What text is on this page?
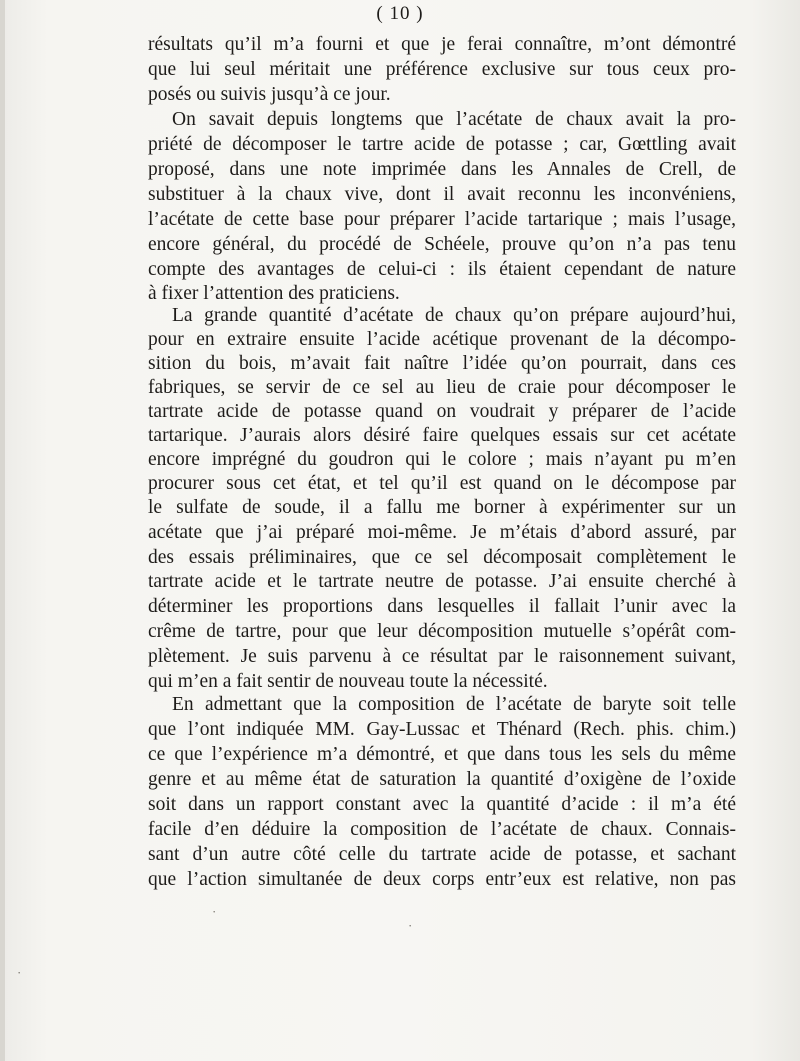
( 10 )
résultats qu’il m’a fourni et que je ferai connaître, m’ont démontré
que lui seul méritait une préférence exclusive sur tous ceux pro-
posés ou suivis jusqu’à ce jour.
On savait depuis longtems que l’acétate de chaux avait la pro-
priété de décomposer le tartre acide de potasse ; car, Gœttling avait
proposé, dans une note imprimée dans les Annales de Crell, de
substituer à la chaux vive, dont il avait reconnu les inconvéniens,
l’acétate de cette base pour préparer l’acide tartarique ; mais l’usage,
encore général, du procédé de Schéele, prouve qu’on n’a pas tenu
compte des avantages de celui-ci : ils étaient cependant de nature
à fixer l’attention des praticiens.
La grande quantité d’acétate de chaux qu’on prépare aujourd’hui,
pour en extraire ensuite l’acide acétique provenant de la décompo-
sition du bois, m’avait fait naître l’idée qu’on pourrait, dans ces
fabriques, se servir de ce sel au lieu de craie pour décomposer le
tartrate acide de potasse quand on voudrait y préparer de l’acide
tartarique. J’aurais alors désiré faire quelques essais sur cet acétate
encore imprégné du goudron qui le colore ; mais n’ayant pu m’en
procurer sous cet état, et tel qu’il est quand on le décompose par
le sulfate de soude, il a fallu me borner à expérimenter sur un
acétate que j’ai préparé moi-même. Je m’étais d’abord assuré, par
des essais préliminaires, que ce sel décomposait complètement le
tartrate acide et le tartrate neutre de potasse. J’ai ensuite cherché à
déterminer les proportions dans lesquelles il fallait l’unir avec la
crême de tartre, pour que leur décomposition mutuelle s’opérât com-
plètement. Je suis parvenu à ce résultat par le raisonnement suivant,
qui m’en a fait sentir de nouveau toute la nécessité.
En admettant que la composition de l’acétate de baryte soit telle
que l’ont indiquée MM. Gay-Lussac et Thénard (Rech. phis. chim.)
ce que l’expérience m’a démontré, et que dans tous les sels du même
genre et au même état de saturation la quantité d’oxigène de l’oxide
soit dans un rapport constant avec la quantité d’acide : il m’a été
facile d’en déduire la composition de l’acétate de chaux. Connais-
sant d’un autre côté celle du tartrate acide de potasse, et sachant
que l’action simultanée de deux corps entr’eux est relative, non pas
·
·
·
